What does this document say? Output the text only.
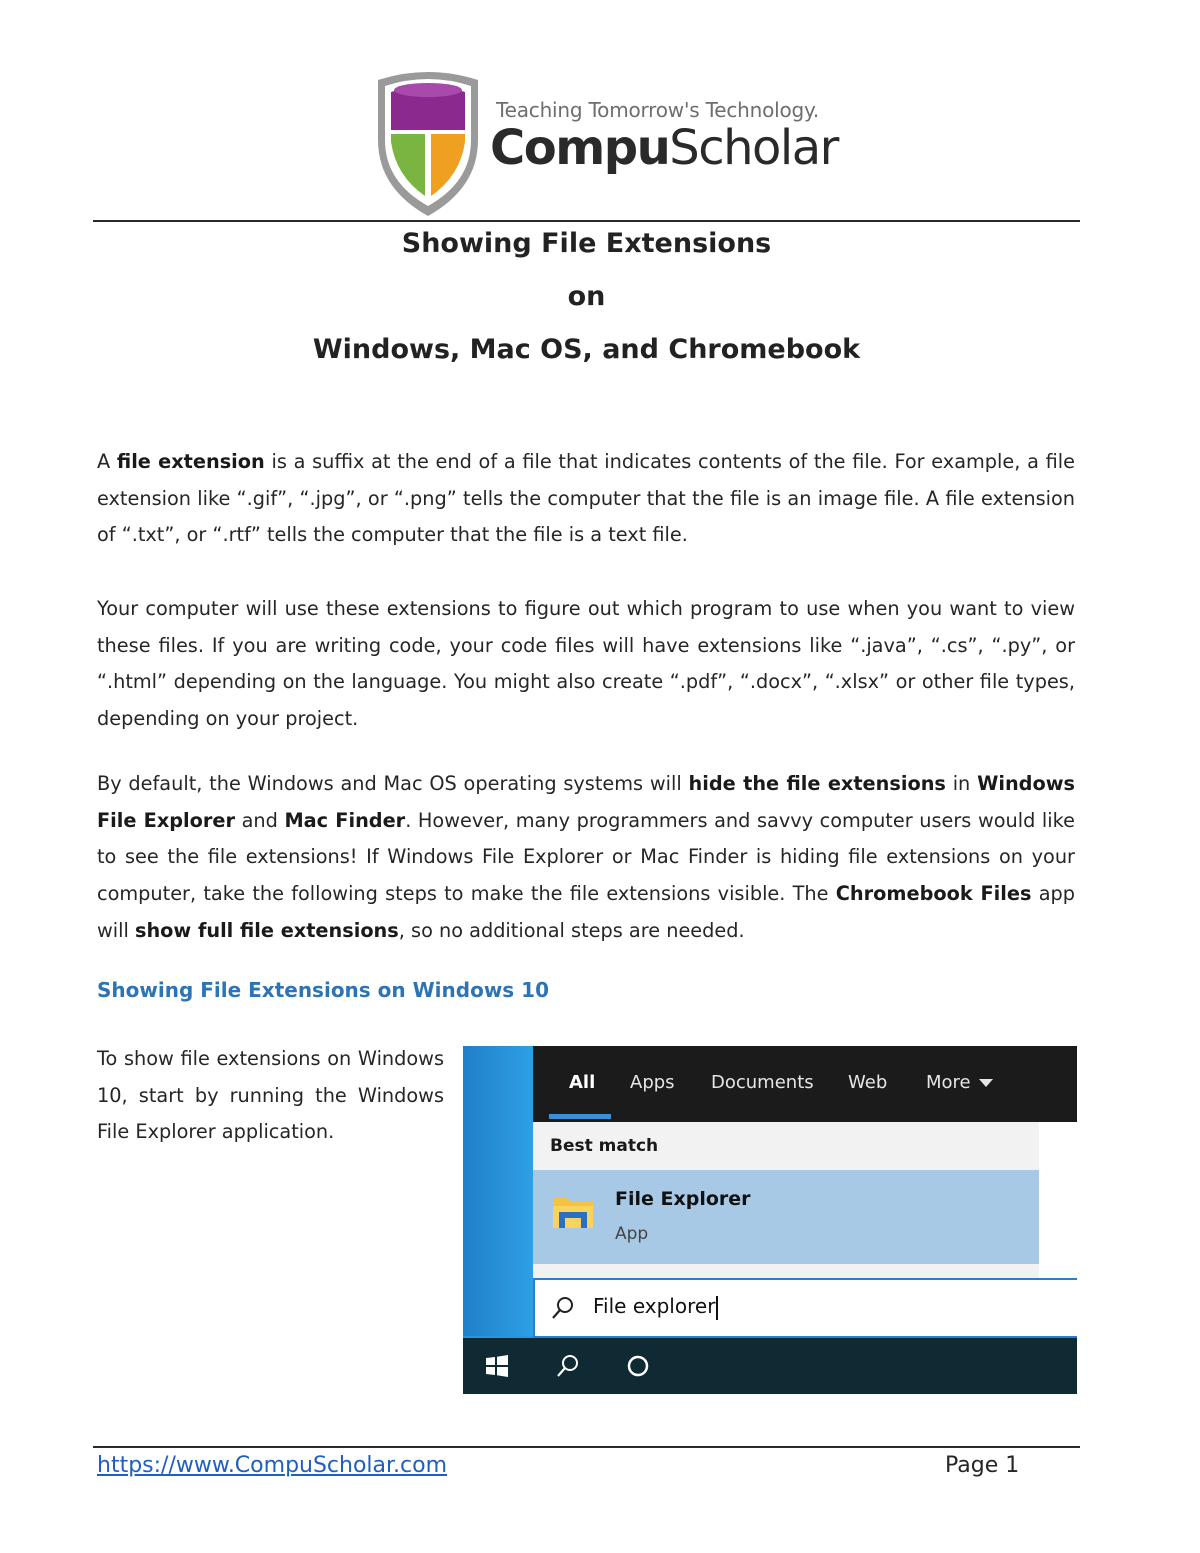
Teaching Tomorrow's Technology.
CompuScholar
Showing File Extensions
on
Windows, Mac OS, and Chromebook
A file extension is a suffix at the end of a file that indicates contents of the file. For example, a file extension like “.gif”, “.jpg”, or “.png” tells the computer that the file is an image file. A file extension of “.txt”, or “.rtf” tells the computer that the file is a text file.
Your computer will use these extensions to figure out which program to use when you want to view these files. If you are writing code, your code files will have extensions like “.java”, “.cs”, “.py”, or “.html” depending on the language. You might also create “.pdf”, “.docx”, “.xlsx” or other file types, depending on your project.
By default, the Windows and Mac OS operating systems will hide the file extensions in Windows File Explorer and Mac Finder. However, many programmers and savvy computer users would like to see the file extensions! If Windows File Explorer or Mac Finder is hiding file extensions on your computer, take the following steps to make the file extensions visible. The Chromebook Files app will show full file extensions, so no additional steps are needed.
Showing File Extensions on Windows 10
To show file extensions on Windows 10, start by running the Windows File Explorer application.
All Apps Documents Web More
Best match
File Explorer
App
File explorer
https://www.CompuScholar.com	Page 1
